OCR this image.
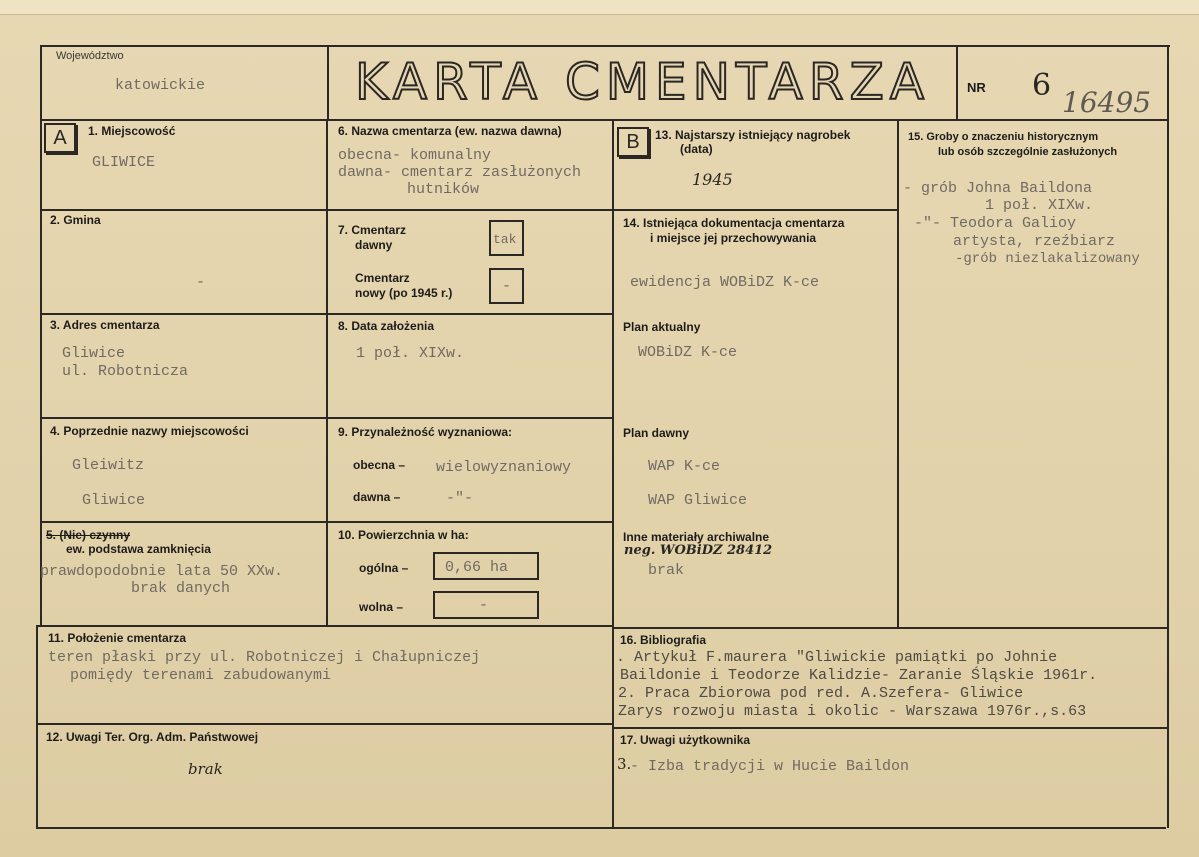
Województwo
katowickie	KARTA CMENTARZA	NR 6 16495
A	B
1. Miejscowość
GLIWICE
2. Gmina
-
3. Adres cmentarza
Gliwice
ul. Robotnicza
4. Poprzednie nazwy miejscowości
Gleiwitz
Gliwice
5. (Nie) czynny
ew. podstawa zamknięcia
prawdopodobnie lata 50 XXw.
brak danych
6. Nazwa cmentarza (ew. nazwa dawna)
obecna- komunalny
dawna- cmentarz zasłużonych
hutników
7. Cmentarz
dawny	tak
Cmentarz
nowy (po 1945 r.)	-
8. Data założenia
1 poł. XIXw.
9. Przynależność wyznaniowa:
obecna – wielowyznaniowy
dawna –	-"-
10. Powierzchnia w ha:
ogólna – 0,66 ha
wolna –	-
13. Najstarszy istniejący nagrobek
(data)
1945
14. Istniejąca dokumentacja cmentarza
i miejsce jej przechowywania
ewidencja WOBiDZ K-ce
Plan aktualny
WOBiDZ K-ce
Plan dawny
WAP K-ce
WAP Gliwice
Inne materiały archiwalne
neg. WOBiDZ 28412
brak
15. Groby o znaczeniu historycznym
lub osób szczególnie zasłużonych
- grób Johna Baildona
1 poł. XIXw.
-"- Teodora Galioy
artysta, rzeźbiarz
-grób niezlakalizowany
11. Położenie cmentarza
teren płaski przy ul. Robotniczej i Chałupniczej
pomiędy terenami zabudowanymi
12. Uwagi Ter. Org. Adm. Państwowej
brak
16. Bibliografia
. Artykuł F.maurera "Gliwickie pamiątki po Johnie
Baildonie i Teodorze Kalidzie- Zaranie Śląskie 1961r.
2. Praca Zbiorowa pod red. A.Szefera- Gliwice
Zarys rozwoju miasta i okolic - Warszawa 1976r.,s.63
17. Uwagi użytkownika
3.
- Izba tradycji w Hucie Baildon
